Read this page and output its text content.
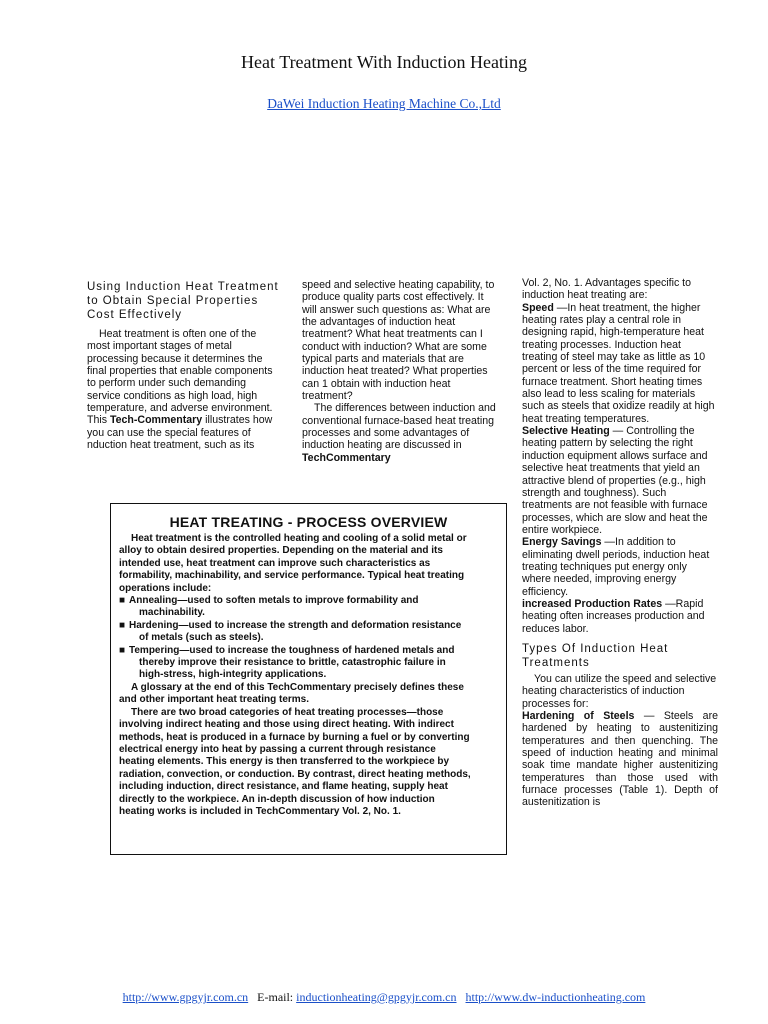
Heat Treatment With Induction Heating
DaWei Induction Heating Machine Co.,Ltd
Using Induction Heat Treatment to Obtain Special Properties Cost Effectively

Heat treatment is often one of the most important stages of metal processing because it determines the final properties that enable components to perform under such demanding service conditions as high load, high temperature, and adverse environment. This Tech-Commentary illustrates how you can use the special features of nduction heat treatment, such as its

speed and selective heating capability, to produce quality parts cost effectively. It will answer such questions as: What are the advantages of induction heat treatment? What heat treatments can I conduct with induction? What are some typical parts and materials that are induction heat treated? What properties can 1 obtain with induction heat treatment?

The differences between induction and conventional furnace-based heat treating processes and some advantages of induction heating are discussed in TechCommentary

Vol. 2, No. 1. Advantages specific to induction heat treating are:

Speed —In heat treatment, the higher heating rates play a central role in designing rapid, high-temperature heat treating processes. Induction heat treating of steel may take as little as 10 percent or less of the time required for furnace treatment. Short heating times also lead to less scaling for materials such as steels that oxidize readily at high heat treating temperatures.

Selective Heating — Controlling the heating pattern by selecting the right induction equipment allows surface and selective heat treatments that yield an attractive blend of properties (e.g., high strength and toughness). Such treatments are not feasible with furnace processes, which are slow and heat the entire workpiece.

Energy Savings —In addition to eliminating dwell periods, induction heat treating techniques put energy only where needed, improving energy efficiency.

increased Production Rates —Rapid heating often increases production and reduces labor.

Types Of Induction Heat Treatments

You can utilize the speed and selective heating characteristics of induction processes for:

Hardening of Steels — Steels are hardened by heating to austenitizing temperatures and then quenching. The speed of induction heating and minimal soak time mandate higher austenitizing temperatures than those used with furnace processes (Table 1). Depth of austenitization is

HEAT TREATING - PROCESS OVERVIEW

Heat treatment is the controlled heating and cooling of a solid metal or alloy to obtain desired properties. Depending on the material and its intended use, heat treatment can improve such characteristics as formability, machinability, and service performance. Typical heat treating operations include:

■ Annealing—used to soften metals to improve formability and machinability.

■ Hardening—used to increase the strength and deformation resistance of metals (such as steels).

■ Tempering—used to increase the toughness of hardened metals and thereby improve their resistance to brittle, catastrophic failure in high-stress, high-integrity applications.

A glossary at the end of this TechCommentary precisely defines these and other important heat treating terms.

There are two broad categories of heat treating processes—those involving indirect heating and those using direct heating. With indirect methods, heat is produced in a furnace by burning a fuel or by converting electrical energy into heat by passing a current through resistance heating elements. This energy is then transferred to the workpiece by radiation, convection, or conduction. By contrast, direct heating methods, including induction, direct resistance, and flame heating, supply heat directly to the workpiece. An in-depth discussion of how induction heating works is included in TechCommentary Vol. 2, No. 1.

http://www.gpgyjr.com.cn E-mail: inductionheating@gpgyjr.com.cn http://www.dw-inductionheating.com
